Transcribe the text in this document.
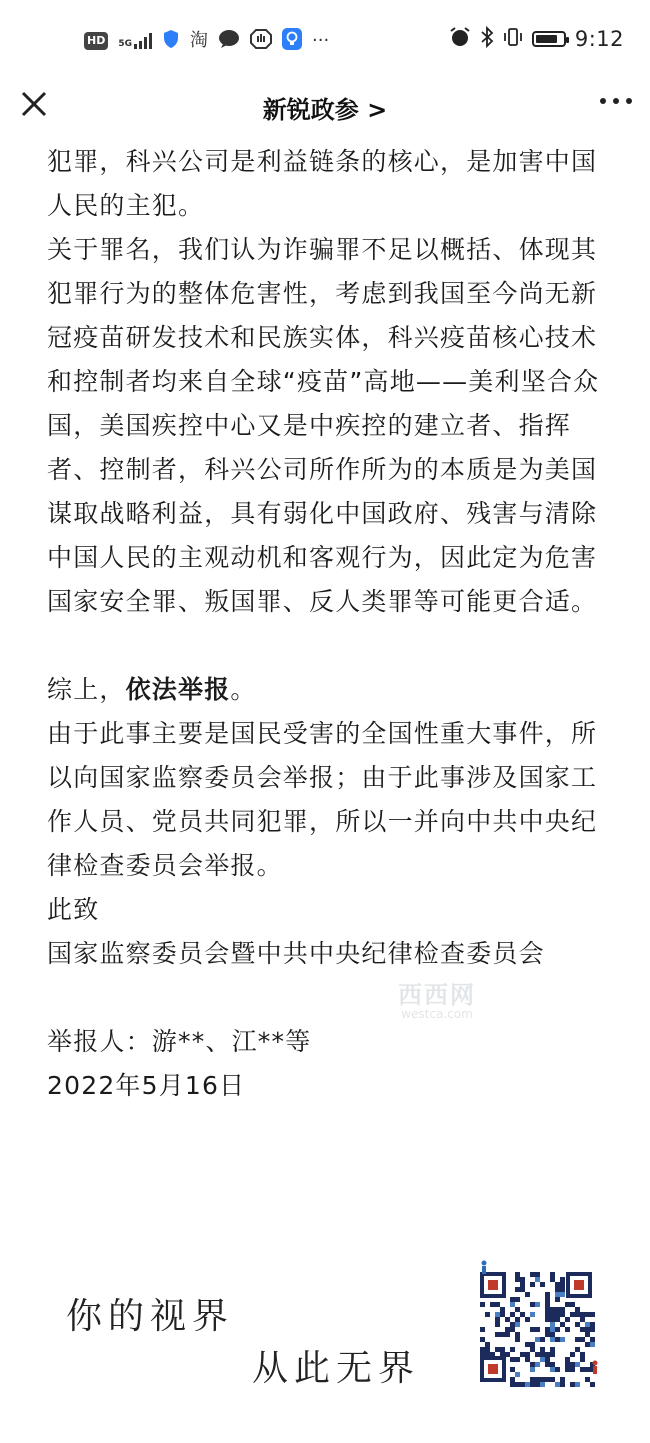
HD	5G	淘	···	9:12
新锐政参 >

犯罪，科兴公司是利益链条的核心，是加害中国人民的主犯。

关于罪名，我们认为诈骗罪不足以概括、体现其犯罪行为的整体危害性，考虑到我国至今尚无新冠疫苗研发技术和民族实体，科兴疫苗核心技术和控制者均来自全球“疫苗”高地——美利坚合众国，美国疾控中心又是中疾控的建立者、指挥者、控制者，科兴公司所作所为的本质是为美国谋取战略利益，具有弱化中国政府、残害与清除中国人民的主观动机和客观行为，因此定为危害国家安全罪、叛国罪、反人类罪等可能更合适。

综上，依法举报。

由于此事主要是国民受害的全国性重大事件，所以向国家监察委员会举报；由于此事涉及国家工作人员、党员共同犯罪，所以一并向中共中央纪律检查委员会举报。

此致

国家监察委员会暨中共中央纪律检查委员会

举报人：游**、江**等

2022年5月16日

西西网
westca.com
你的视界
从此无界
